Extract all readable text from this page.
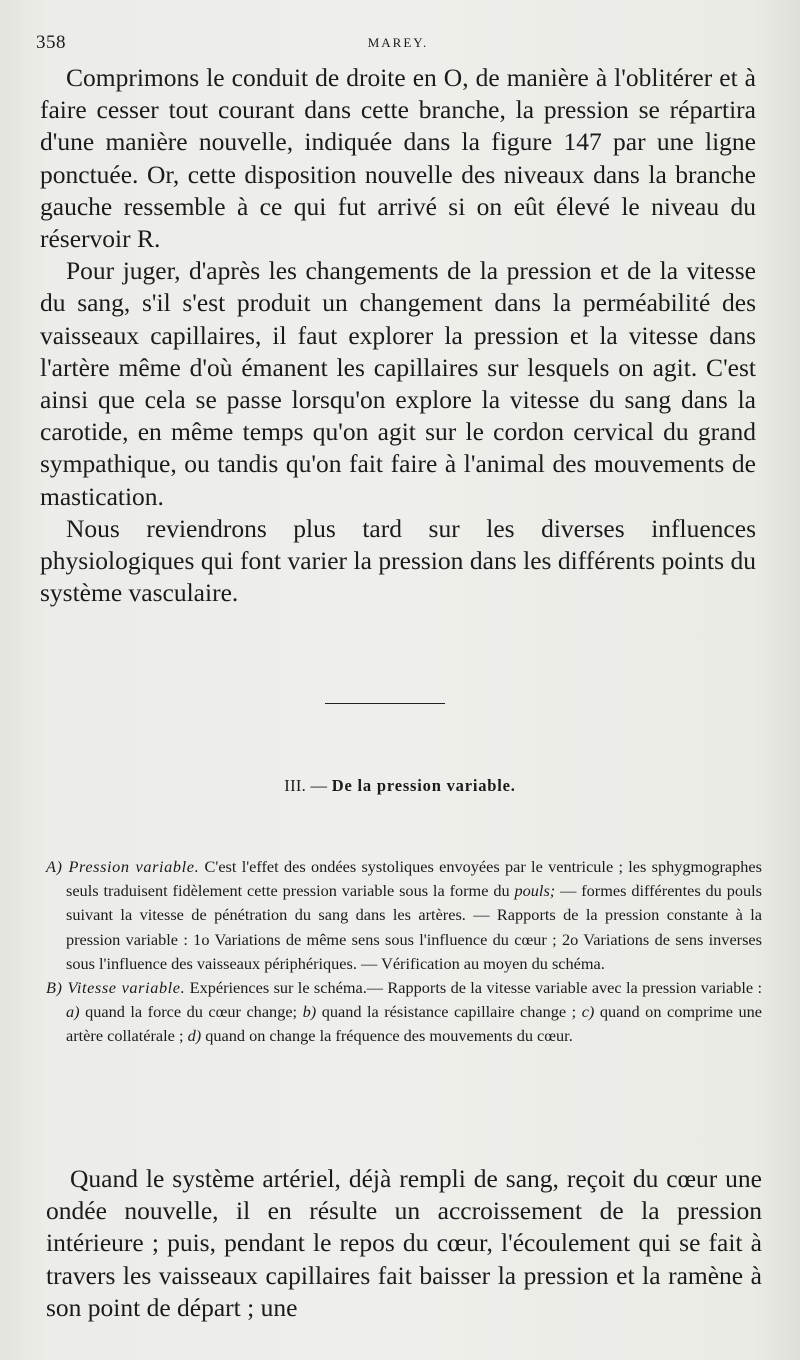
358	MAREY.

Comprimons le conduit de droite en O, de manière à l'oblitérer et à faire cesser tout courant dans cette branche, la pression se répartira d'une manière nouvelle, indiquée dans la figure 147 par une ligne ponctuée. Or, cette disposition nouvelle des niveaux dans la branche gauche ressemble à ce qui fut arrivé si on eût élevé le niveau du réservoir R.

Pour juger, d'après les changements de la pression et de la vitesse du sang, s'il s'est produit un changement dans la perméabilité des vaisseaux capillaires, il faut explorer la pression et la vitesse dans l'artère même d'où émanent les capillaires sur lesquels on agit. C'est ainsi que cela se passe lorsqu'on explore la vitesse du sang dans la carotide, en même temps qu'on agit sur le cordon cervical du grand sympathique, ou tandis qu'on fait faire à l'animal des mouvements de mastication.

Nous reviendrons plus tard sur les diverses influences physiologiques qui font varier la pression dans les différents points du système vasculaire.

III. — De la pression variable.

A) Pression variable. C'est l'effet des ondées systoliques envoyées par le ventricule ; les sphygmographes seuls traduisent fidèlement cette pression variable sous la forme du pouls; — formes différentes du pouls suivant la vitesse de pénétration du sang dans les artères. — Rapports de la pression constante à la pression variable : 1o Variations de même sens sous l'influence du cœur ; 2o Variations de sens inverses sous l'influence des vaisseaux périphériques. — Vérification au moyen du schéma.

B) Vitesse variable. Expériences sur le schéma.— Rapports de la vitesse variable avec la pression variable : a) quand la force du cœur change; b) quand la résistance capillaire change ; c) quand on comprime une artère collatérale ; d) quand on change la fréquence des mouvements du cœur.

Quand le système artériel, déjà rempli de sang, reçoit du cœur une ondée nouvelle, il en résulte un accroissement de la pression intérieure ; puis, pendant le repos du cœur, l'écoulement qui se fait à travers les vaisseaux capillaires fait baisser la pression et la ramène à son point de départ ; une
